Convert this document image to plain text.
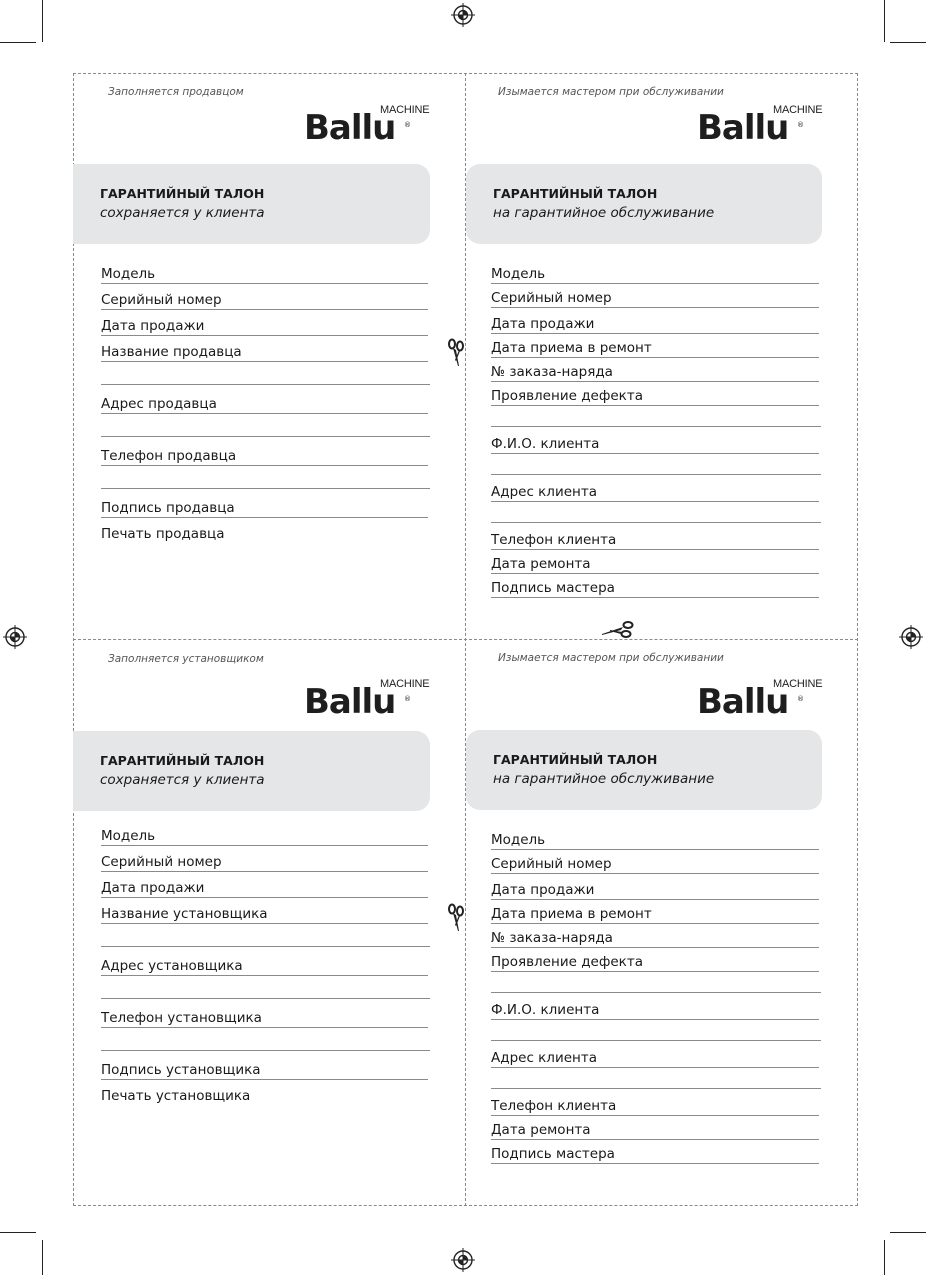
Заполняется продавцом
Ballu
MACHINE
®
ГАРАНТИЙНЫЙ ТАЛОН
сохраняется у клиента
Модель
Серийный номер
Дата продажи
Название продавца
Адрес продавца
Телефон продавца
Подпись продавца
Печать продавца
Изымается мастером при обслуживании
Ballu
MACHINE
®
ГАРАНТИЙНЫЙ ТАЛОН
на гарантийное обслуживание
Модель
Серийный номер
Дата продажи
Дата приема в ремонт
№ заказа-наряда
Проявление дефекта
Ф.И.О. клиента
Адрес клиента
Телефон клиента
Дата ремонта
Подпись мастера
Заполняется установщиком
Ballu
MACHINE
®
ГАРАНТИЙНЫЙ ТАЛОН
сохраняется у клиента
Модель
Серийный номер
Дата продажи
Название установщика
Адрес установщика
Телефон установщика
Подпись установщика
Печать установщика
Изымается мастером при обслуживании
Ballu
MACHINE
®
ГАРАНТИЙНЫЙ ТАЛОН
на гарантийное обслуживание
Модель
Серийный номер
Дата продажи
Дата приема в ремонт
№ заказа-наряда
Проявление дефекта
Ф.И.О. клиента
Адрес клиента
Телефон клиента
Дата ремонта
Подпись мастера
